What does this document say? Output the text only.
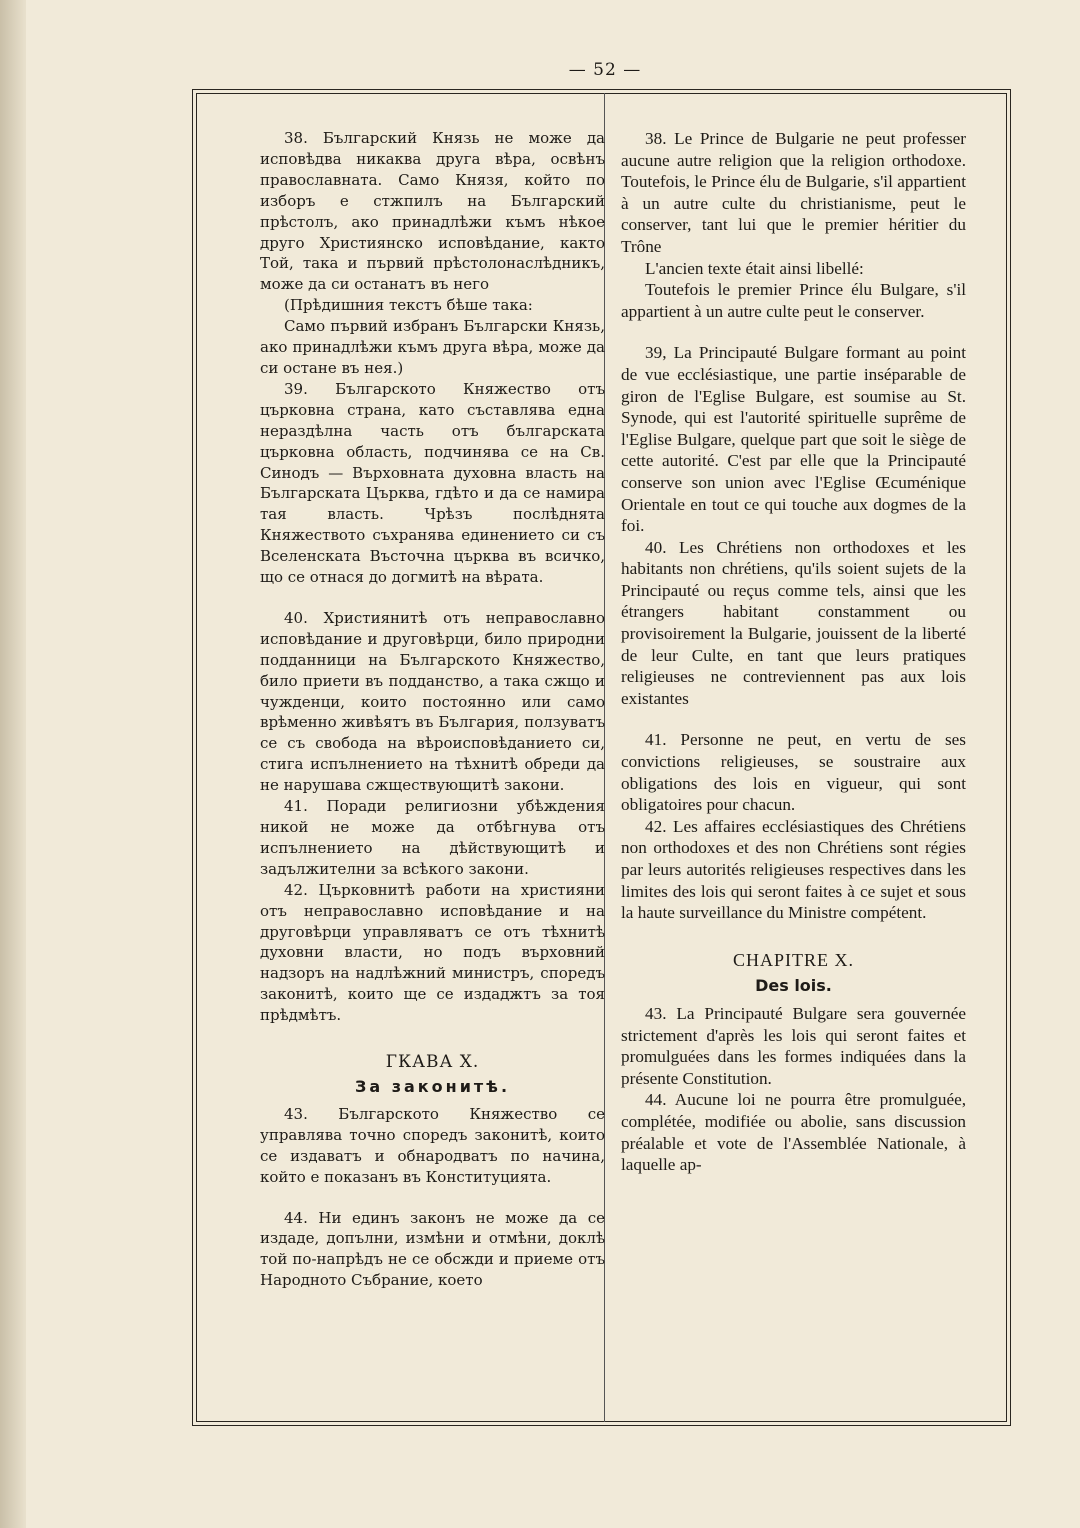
— 52 —

38. Българский Князь не може да исповѣдва никаква друга вѣра, освѣнъ православната. Само Князя, който по изборъ е стжпилъ на Българский прѣстолъ, ако принадлѣжи къмъ нѣкое друго Християнско исповѣдание, както Той, така и първий прѣстолонаслѣдникъ, може да си останатъ въ него

(Прѣдишния текстъ бѣше така:

Само първий избранъ Български Князь, ако принадлѣжи къмъ друга вѣра, може да си остане въ нея.)

39. Българското Княжество отъ църковна страна, като съставлява една нераздѣлна часть отъ българската църковна область, подчинява се на Св. Синодъ — Върховната духовна власть на Българската Църква, гдѣто и да се намира тая власть. Чрѣзъ послѣднята Княжеството съхранява единението си съ Вселенската Въсточна църква въ всичко, що се отнася до догмитѣ на вѣрата.

40. Християнитѣ отъ неправославно исповѣдание и друговѣрци, било природни подданници на Българското Княжество, било приети въ подданство, а така сжщо и чужденци, които постоянно или само врѣменно живѣятъ въ България, ползуватъ се съ свобода на вѣроисповѣданието си, стига испълнението на тѣхнитѣ обреди да не нарушава сжществующитѣ закони.

41. Поради религиозни убѣждения никой не може да отбѣгнува отъ испълнението на дѣйствующитѣ и задължителни за всѣкого закони.

42. Църковнитѣ работи на християни отъ неправославно исповѣдание и на друговѣрци управляватъ се отъ тѣхнитѣ духовни власти, но подъ върховний надзоръ на надлѣжний министръ, споредъ законитѣ, които ще се издаджтъ за тоя прѣдмѣтъ.

ГКАВА X.
За законитѣ.

43. Българското Княжество се управлява точно споредъ законитѣ, които се издаватъ и обнародватъ по начина, който е показанъ въ Конституцията.

44. Ни единъ законъ не може да се издаде, допълни, измѣни и отмѣни, доклѣ той по-напрѣдъ не се обсжди и приеме отъ Народното Събрание, което

38. Le Prince de Bulgarie ne peut professer aucune autre religion que la religion orthodoxe. Toutefois, le Prince élu de Bulgarie, s'il appartient à un autre culte du christianisme, peut le conserver, tant lui que le premier héritier du Trône

L'ancien texte était ainsi libellé:

Toutefois le premier Prince élu Bulgare, s'il appartient à un autre culte peut le conserver.

39, La Principauté Bulgare formant au point de vue ecclésiastique, une partie inséparable de giron de l'Eglise Bulgare, est soumise au St. Synode, qui est l'autorité spirituelle suprême de l'Eglise Bulgare, quelque part que soit le siège de cette autorité. C'est par elle que la Principauté conserve son union avec l'Eglise Œcuménique Orientale en tout ce qui touche aux dogmes de la foi.

40. Les Chrétiens non orthodoxes et les habitants non chrétiens, qu'ils soient sujets de la Principauté ou reçus comme tels, ainsi que les étrangers habitant constamment ou provisoirement la Bulgarie, jouissent de la liberté de leur Culte, en tant que leurs pratiques religieuses ne contreviennent pas aux lois existantes

41. Personne ne peut, en vertu de ses convictions religieuses, se soustraire aux obligations des lois en vigueur, qui sont obligatoires pour chacun.

42. Les affaires ecclésiastiques des Chrétiens non orthodoxes et des non Chrétiens sont régies par leurs autorités religieuses respectives dans les limites des lois qui seront faites à ce sujet et sous la haute surveillance du Ministre compétent.

CHAPITRE X.
Des lois.

43. La Principauté Bulgare sera gouvernée strictement d'après les lois qui seront faites et promulguées dans les formes indiquées dans la présente Constitution.

44. Aucune loi ne pourra être promulguée, complétée, modifiée ou abolie, sans discussion préalable et vote de l'Assemblée Nationale, à laquelle ap-
